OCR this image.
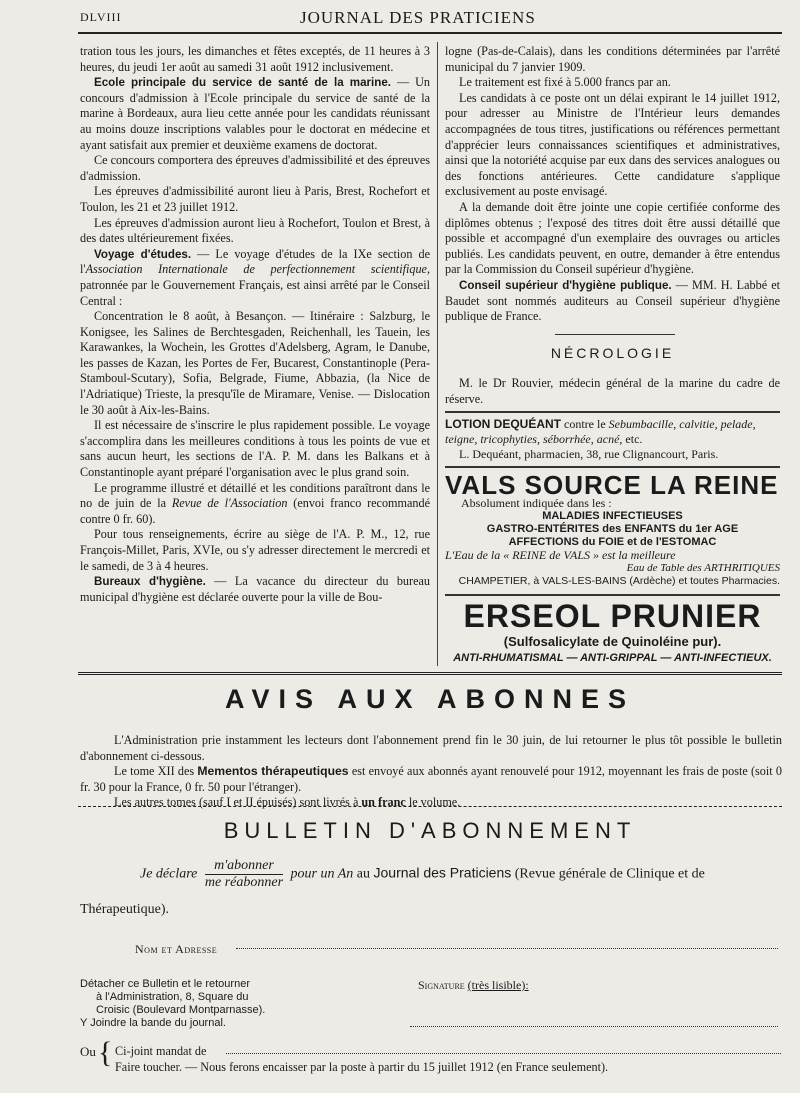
DLVIII	JOURNAL DES PRATICIENS

tration tous les jours, les dimanches et fêtes exceptés, de 11 heures à 3 heures, du jeudi 1er août au samedi 31 août 1912 inclusivement.

Ecole principale du service de santé de la marine. — Un concours d'admission à l'Ecole principale du service de santé de la marine à Bordeaux, aura lieu cette année pour les candidats réunissant au moins douze inscriptions valables pour le doctorat en médecine et ayant satisfait aux premier et deuxième examens de doctorat.

Ce concours comportera des épreuves d'admissibilité et des épreuves d'admission.

Les épreuves d'admissibilité auront lieu à Paris, Brest, Rochefort et Toulon, les 21 et 23 juillet 1912.

Les épreuves d'admission auront lieu à Rochefort, Toulon et Brest, à des dates ultérieurement fixées.

Voyage d'études. — Le voyage d'études de la IXe section de l'Association Internationale de perfectionnement scientifique, patronnée par le Gouvernement Français, est ainsi arrêté par le Conseil Central :

Concentration le 8 août, à Besançon. — Itinéraire : Salzburg, le Konigsee, les Salines de Berchtesgaden, Reichenhall, les Tauein, les Karawankes, la Wochein, les Grottes d'Adelsberg, Agram, le Danube, les passes de Kazan, les Portes de Fer, Bucarest, Constantinople (Pera-Stamboul-Scutary), Sofia, Belgrade, Fiume, Abbazia, (la Nice de l'Adriatique) Trieste, la presqu'île de Miramare, Venise. — Dislocation le 30 août à Aix-les-Bains.

Il est nécessaire de s'inscrire le plus rapidement possible. Le voyage s'accomplira dans les meilleures conditions à tous les points de vue et sans aucun heurt, les sections de l'A. P. M. dans les Balkans et à Constantinople ayant préparé l'organisation avec le plus grand soin.

Le programme illustré et détaillé et les conditions paraîtront dans le no de juin de la Revue de l'Association (envoi franco recommandé contre 0 fr. 60).

Pour tous renseignements, écrire au siège de l'A. P. M., 12, rue François-Millet, Paris, XVIe, ou s'y adresser directement le mercredi et le samedi, de 3 à 4 heures.

Bureaux d'hygiène. — La vacance du directeur du bureau municipal d'hygiène est déclarée ouverte pour la ville de Bou-

logne (Pas-de-Calais), dans les conditions déterminées par l'arrêté municipal du 7 janvier 1909.

Le traitement est fixé à 5.000 francs par an.

Les candidats à ce poste ont un délai expirant le 14 juillet 1912, pour adresser au Ministre de l'Intérieur leurs demandes accompagnées de tous titres, justifications ou références permettant d'apprécier leurs connaissances scientifiques et administratives, ainsi que la notoriété acquise par eux dans des services analogues ou des fonctions antérieures. Cette candidature s'applique exclusivement au poste envisagé.

A la demande doit être jointe une copie certifiée conforme des diplômes obtenus ; l'exposé des titres doit être aussi détaillé que possible et accompagné d'un exemplaire des ouvrages ou articles publiés. Les candidats peuvent, en outre, demander à être entendus par la Commission du Conseil supérieur d'hygiène.

Conseil supérieur d'hygiène publique. — MM. H. Labbé et Baudet sont nommés auditeurs au Conseil supérieur d'hygiène publique de France.

NÉCROLOGIE
M. le Dr Rouvier, médecin général de la marine du cadre de réserve.
LOTION DEQUÉANT contre le Sebumbacille, calvitie, pelade, teigne, tricophyties, séborrhée, acné, etc.
L. Dequéant, pharmacien, 38, rue Clignancourt, Paris.
VALS SOURCE LA REINE
Absolument indiquée dans les :
MALADIES INFECTIEUSES
GASTRO-ENTÉRITES des ENFANTS du 1er AGE
AFFECTIONS du FOIE et de l'ESTOMAC
L'Eau de la « REINE de VALS » est la meilleure
Eau de Table des ARTHRITIQUES
CHAMPETIER, à VALS-LES-BAINS (Ardèche) et toutes Pharmacies.
ERSEOL PRUNIER
(Sulfosalicylate de Quinoléine pur).
ANTI-RHUMATISMAL — ANTI-GRIPPAL — ANTI-INFECTIEUX.
AVIS AUX ABONNES

L'Administration prie instamment les lecteurs dont l'abonnement prend fin le 30 juin, de lui retourner le plus tôt possible le bulletin d'abonnement ci-dessous.

Le tome XII des Mementos thérapeutiques est envoyé aux abonnés ayant renouvelé pour 1912, moyennant les frais de poste (soit 0 fr. 30 pour la France, 0 fr. 50 pour l'étranger).

Les autres tomes (sauf I et II épuisés) sont livrés à un franc le volume.

BULLETIN D'ABONNEMENT
Je déclare $\frac{\text{m'abonner}}{\text{me réabonner}}$ pour un An au Journal des Praticiens (Revue générale de Clinique et de
Thérapeutique).
Nom et Adresse
Détacher ce Bulletin et le retourner
à l'Administration, 8, Square du
Croisic (Boulevard Montparnasse).
Y Joindre la bande du journal.
Signature (très lisible):
Ou { Ci-joint mandat de
Faire toucher. — Nous ferons encaisser par la poste à partir du 15 juillet 1912 (en France seulement).
